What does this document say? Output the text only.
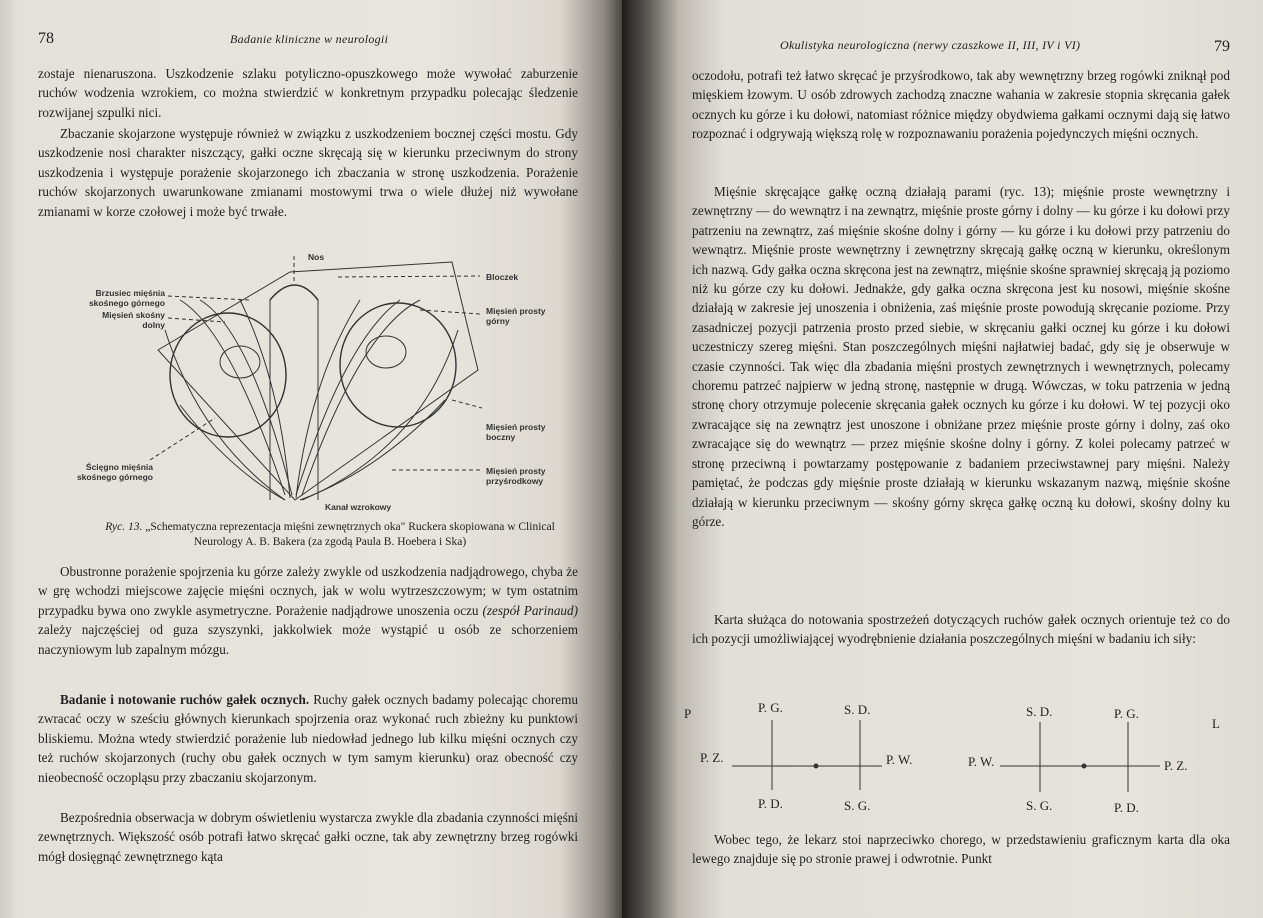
78	Badanie kliniczne w neurologii

zostaje nienaruszona. Uszkodzenie szlaku potyliczno-opuszkowego może wywołać zaburzenie ruchów wodzenia wzrokiem, co można stwierdzić w konkretnym przypadku polecając śledzenie rozwijanej szpulki nici.

Zbaczanie skojarzone występuje również w związku z uszkodzeniem bocznej części mostu. Gdy uszkodzenie nosi charakter niszczący, gałki oczne skręcają się w kierunku przeciwnym do strony uszkodzenia i występuje porażenie skojarzonego ich zbaczania w stronę uszkodzenia. Porażenie ruchów skojarzonych uwarunkowane zmianami mostowymi trwa o wiele dłużej niż wywołane zmianami w korze czołowej i może być trwałe.

Nos
Bloczek
Brzusiec mięśnia skośnego górnego
Mięsień skośny dolny
Mięsień prosty górny
Mięsień prosty boczny
Ścięgno mięśnia skośnego górnego
Mięsień prosty przyśrodkowy
Kanał wzrokowy
Ryc. 13. „Schematyczna reprezentacja mięśni zewnętrznych oka" Ruckera skopiowana w Clinical Neurology A. B. Bakera (za zgodą Paula B. Hoebera i Ska)

Obustronne porażenie spojrzenia ku górze zależy zwykle od uszkodzenia nadjądrowego, chyba że w grę wchodzi miejscowe zajęcie mięśni ocznych, jak w wolu wytrzeszczowym; w tym ostatnim przypadku bywa ono zwykle asymetryczne. Porażenie nadjądrowe unoszenia oczu (zespół Parinaud) zależy najczęściej od guza szyszynki, jakkolwiek może wystąpić u osób ze schorzeniem naczyniowym lub zapalnym mózgu.

Badanie i notowanie ruchów gałek ocznych. Ruchy gałek ocznych badamy polecając choremu zwracać oczy w sześciu głównych kierunkach spojrzenia oraz wykonać ruch zbieżny ku punktowi bliskiemu. Można wtedy stwierdzić porażenie lub niedowład jednego lub kilku mięśni ocznych czy też ruchów skojarzonych (ruchy obu gałek ocznych w tym samym kierunku) oraz obecność czy nieobecność oczopląsu przy zbaczaniu skojarzonym.

Bezpośrednia obserwacja w dobrym oświetleniu wystarcza zwykle dla zbadania czynności mięśni zewnętrznych. Większość osób potrafi łatwo skręcać gałki oczne, tak aby zewnętrzny brzeg rogówki mógł dosięgnąć zewnętrznego kąta

Okulistyka neurologiczna (nerwy czaszkowe II, III, IV i VI)	79

oczodołu, potrafi też łatwo skręcać je przyśrodkowo, tak aby wewnętrzny brzeg rogówki zniknął pod mięskiem łzowym. U osób zdrowych zachodzą znaczne wahania w zakresie stopnia skręcania gałek ocznych ku górze i ku dołowi, natomiast różnice między obydwiema gałkami ocznymi dają się łatwo rozpoznać i odgrywają większą rolę w rozpoznawaniu porażenia pojedynczych mięśni ocznych.

Mięśnie skręcające gałkę oczną działają parami (ryc. 13); mięśnie proste wewnętrzny i zewnętrzny — do wewnątrz i na zewnątrz, mięśnie proste górny i dolny — ku górze i ku dołowi przy patrzeniu na zewnątrz, zaś mięśnie skośne dolny i górny — ku górze i ku dołowi przy patrzeniu do wewnątrz. Mięśnie proste wewnętrzny i zewnętrzny skręcają gałkę oczną w kierunku, określonym ich nazwą. Gdy gałka oczna skręcona jest na zewnątrz, mięśnie skośne sprawniej skręcają ją poziomo niż ku górze czy ku dołowi. Jednakże, gdy gałka oczna skręcona jest ku nosowi, mięśnie skośne działają w zakresie jej unoszenia i obniżenia, zaś mięśnie proste powodują skręcanie poziome. Przy zasadniczej pozycji patrzenia prosto przed siebie, w skręcaniu gałki ocznej ku górze i ku dołowi uczestniczy szereg mięśni. Stan poszczególnych mięśni najłatwiej badać, gdy się je obserwuje w czasie czynności. Tak więc dla zbadania mięśni prostych zewnętrznych i wewnętrznych, polecamy choremu patrzeć najpierw w jedną stronę, następnie w drugą. Wówczas, w toku patrzenia w jedną stronę chory otrzymuje polecenie skręcania gałek ocznych ku górze i ku dołowi. W tej pozycji oko zwracające się na zewnątrz jest unoszone i obniżane przez mięśnie proste górny i dolny, zaś oko zwracające się do wewnątrz — przez mięśnie skośne dolny i górny. Z kolei polecamy patrzeć w stronę przeciwną i powtarzamy postępowanie z badaniem przeciwstawnej pary mięśni. Należy pamiętać, że podczas gdy mięśnie proste działają w kierunku wskazanym nazwą, mięśnie skośne działają w kierunku przeciwnym — skośny górny skręca gałkę oczną ku dołowi, skośny dolny ku górze.

Karta służąca do notowania spostrzeżeń dotyczących ruchów gałek ocznych orientuje też co do ich pozycji umożliwiającej wyodrębnienie działania poszczególnych mięśni w badaniu ich siły:

P
L
P. G.	S. D.
P. Z.	P. W.
P. D.	S. G.
S. D.	P. G.
P. W.	P. Z.
S. G.	P. D.

Wobec tego, że lekarz stoi naprzeciwko chorego, w przedstawieniu graficznym karta dla oka lewego znajduje się po stronie prawej i odwrotnie. Punkt
